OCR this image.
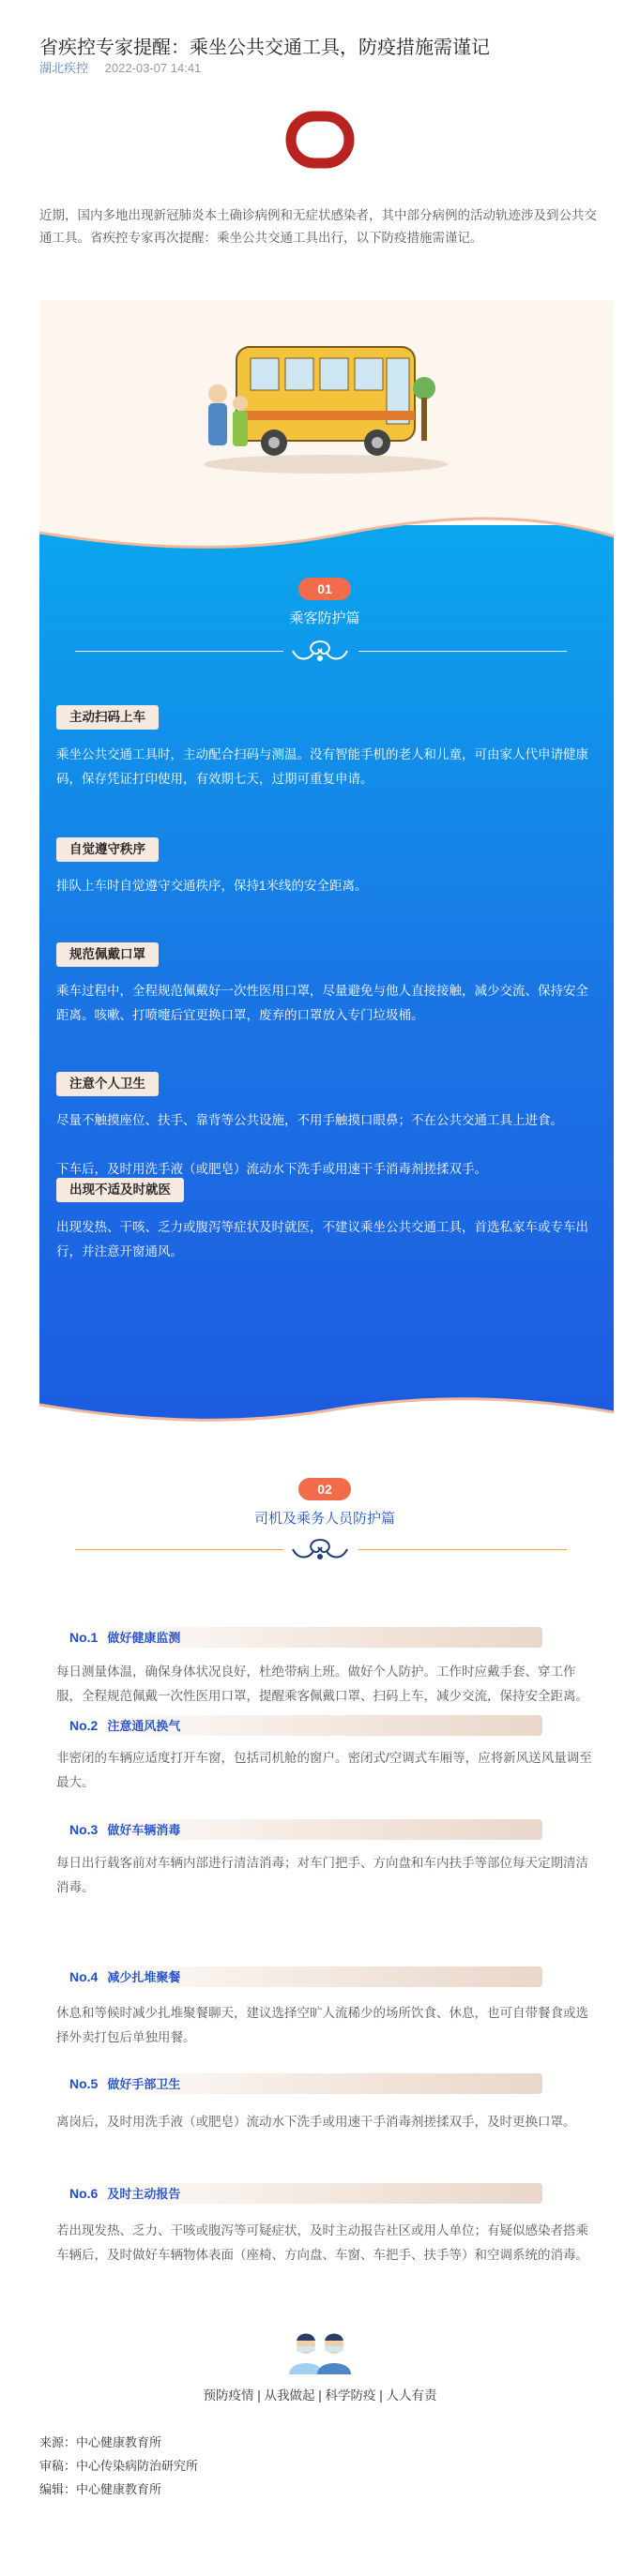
省疾控专家提醒：乘坐公共交通工具，防疫措施需谨记
湖北疾控 2022-03-07 14:41

近期，国内多地出现新冠肺炎本土确诊病例和无症状感染者，其中部分病例的活动轨迹涉及到公共交通工具。省疾控专家再次提醒：乘坐公共交通工具出行，以下防疫措施需谨记。

01
乘客防护篇
主动扫码上车
乘坐公共交通工具时，主动配合扫码与测温。没有智能手机的老人和儿童，可由家人代申请健康码，保存凭证打印使用，有效期七天，过期可重复申请。
自觉遵守秩序
排队上车时自觉遵守交通秩序，保持1米线的安全距离。
规范佩戴口罩
乘车过程中，全程规范佩戴好一次性医用口罩，尽量避免与他人直接接触，减少交流、保持安全距离。咳嗽、打喷嚏后宜更换口罩，废弃的口罩放入专门垃圾桶。
注意个人卫生
尽量不触摸座位、扶手、靠背等公共设施，不用手触摸口眼鼻；不在公共交通工具上进食。
下车后，及时用洗手液（或肥皂）流动水下洗手或用速干手消毒剂搓揉双手。
出现不适及时就医
出现发热、干咳、乏力或腹泻等症状及时就医，不建议乘坐公共交通工具，首选私家车或专车出行，并注意开窗通风。
02
司机及乘务人员防护篇
No.1 做好健康监测
每日测量体温，确保身体状况良好，杜绝带病上班。做好个人防护。工作时应戴手套、穿工作服，全程规范佩戴一次性医用口罩，提醒乘客佩戴口罩、扫码上车，减少交流，保持安全距离。
No.2 注意通风换气
非密闭的车辆应适度打开车窗，包括司机舱的窗户。密闭式/空调式车厢等，应将新风送风量调至最大。
No.3 做好车辆消毒
每日出行载客前对车辆内部进行清洁消毒；对车门把手、方向盘和车内扶手等部位每天定期清洁消毒。
No.4 减少扎堆聚餐
休息和等候时减少扎堆聚餐聊天，建议选择空旷人流稀少的场所饮食、休息，也可自带餐食或选择外卖打包后单独用餐。
No.5 做好手部卫生
离岗后，及时用洗手液（或肥皂）流动水下洗手或用速干手消毒剂搓揉双手，及时更换口罩。
No.6 及时主动报告
若出现发热、乏力、干咳或腹泻等可疑症状，及时主动报告社区或用人单位；有疑似感染者搭乘车辆后，及时做好车辆物体表面（座椅、方向盘、车窗、车把手、扶手等）和空调系统的消毒。
预防疫情 | 从我做起 | 科学防疫 | 人人有责
来源：中心健康教育所
审稿：中心传染病防治研究所
编辑：中心健康教育所
